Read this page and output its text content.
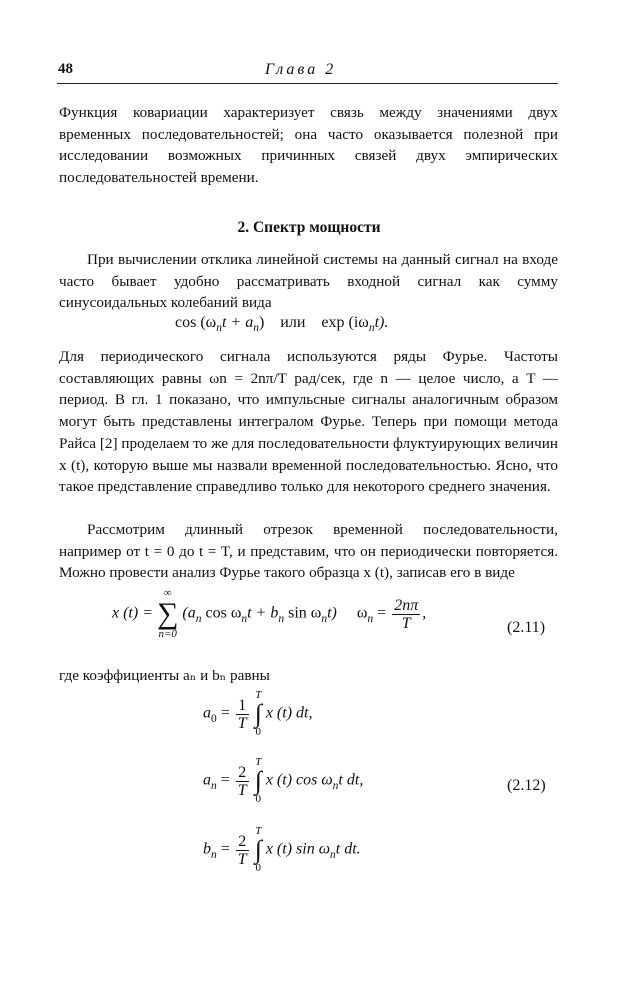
48	Глава 2

Функция ковариации характеризует связь между значениями двух временных последовательностей; она часто оказывается полезной при исследовании возможных причинных связей двух эмпирических последовательностей времени.

2. Спектр мощности

При вычислении отклика линейной системы на данный сигнал на входе часто бывает удобно рассматривать входной сигнал как сумму синусоидальных колебаний вида

$\cos (\omega_nt + a_n)$ или $\exp (i\omega_nt)$.

Для периодического сигнала используются ряды Фурье. Частоты составляющих равны ωn = 2nπ/T рад/сек, где n — целое число, а T — период. В гл. 1 показано, что импульсные сигналы аналогичным образом могут быть представлены интегралом Фурье. Теперь при помощи метода Райса [2] проделаем то же для последовательности флуктуирующих величин x (t), которую выше мы назвали временной последовательностью. Ясно, что такое представление справедливо только для некоторого среднего значения.

Рассмотрим длинный отрезок временной последовательности, например от t = 0 до t = T, и представим, что он периодически повторяется. Можно провести анализ Фурье такого образца x (t), записав его в виде

x (t) =
∞
∑
n=0
($a_n$ $\cos \omega_nt + b_n$ $\sin \omega_nt$) $\omega_n = \frac{2n\pi}{T}$ ,
(2.11)

где коэффициенты aₙ и bₙ равны

$a_0 = \frac{1}{T}$

T
∫
0
x (t) dt,
$a_n = \frac{2}{T}$

T
∫
0
x (t) $\cos \omega_nt$ dt,	(2.12)
$b_n = \frac{2}{T}$

T
∫
0
x (t) $\sin \omega_nt$ dt.
